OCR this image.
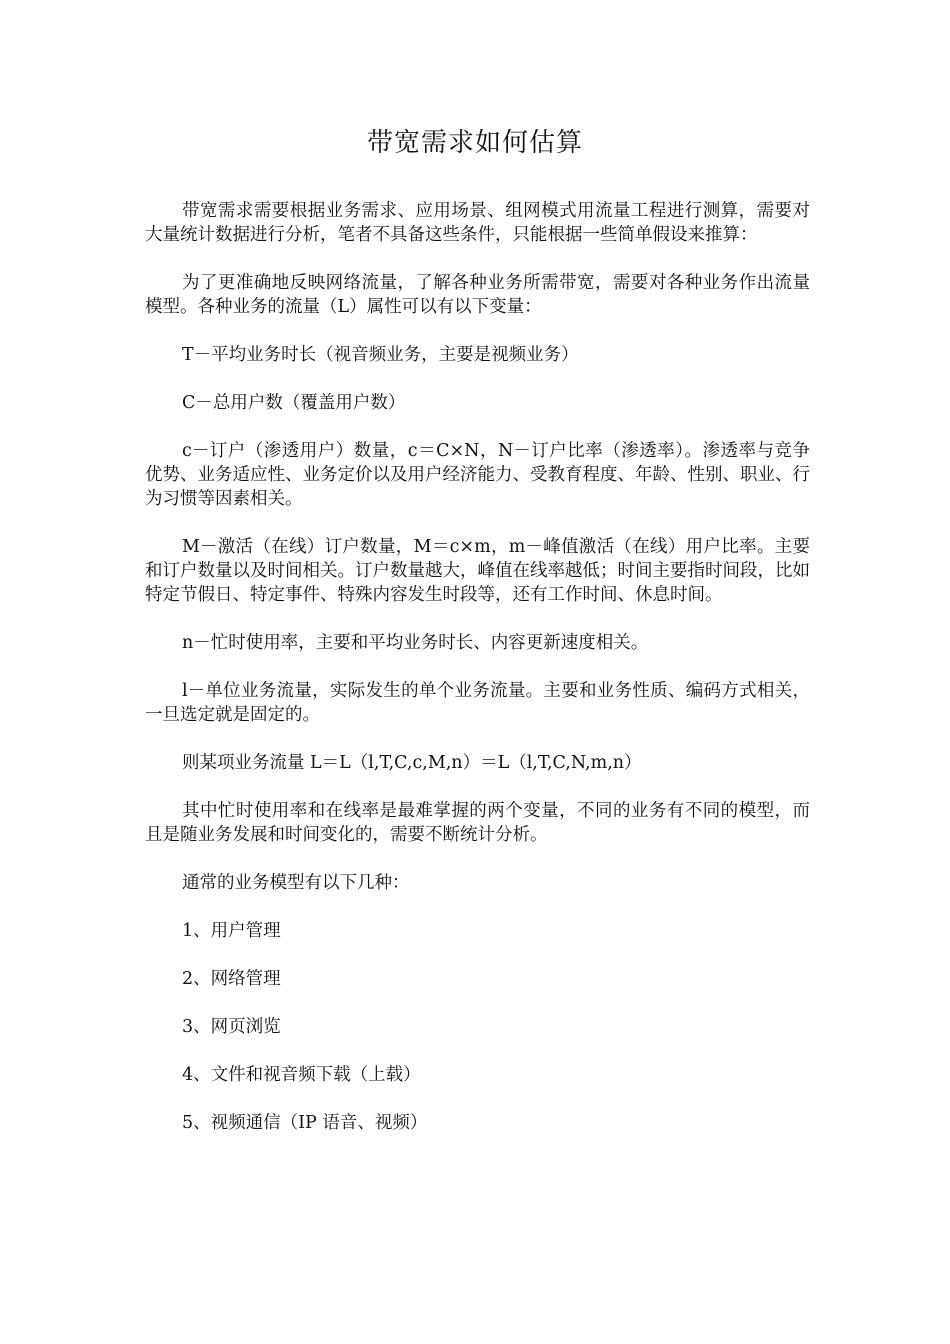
带宽需求如何估算

带宽需求需要根据业务需求、应用场景、组网模式用流量工程进行测算，需要对大量统计数据进行分析，笔者不具备这些条件，只能根据一些简单假设来推算：

为了更准确地反映网络流量，了解各种业务所需带宽，需要对各种业务作出流量模型。各种业务的流量（L）属性可以有以下变量：

T－平均业务时长（视音频业务，主要是视频业务）

C－总用户数（覆盖用户数）

c－订户（渗透用户）数量，c＝C×N，N－订户比率（渗透率）。渗透率与竞争优势、业务适应性、业务定价以及用户经济能力、受教育程度、年龄、性别、职业、行为习惯等因素相关。

M－激活（在线）订户数量，M＝c×m，m－峰值激活（在线）用户比率。主要和订户数量以及时间相关。订户数量越大，峰值在线率越低；时间主要指时间段，比如特定节假日、特定事件、特殊内容发生时段等，还有工作时间、休息时间。

n－忙时使用率，主要和平均业务时长、内容更新速度相关。

l－单位业务流量，实际发生的单个业务流量。主要和业务性质、编码方式相关，一旦选定就是固定的。

则某项业务流量 L＝L（l,T,C,c,M,n）＝L（l,T,C,N,m,n）

其中忙时使用率和在线率是最难掌握的两个变量，不同的业务有不同的模型，而且是随业务发展和时间变化的，需要不断统计分析。

通常的业务模型有以下几种：

1、用户管理

2、网络管理

3、网页浏览

4、文件和视音频下载（上载）

5、视频通信（IP 语音、视频）
